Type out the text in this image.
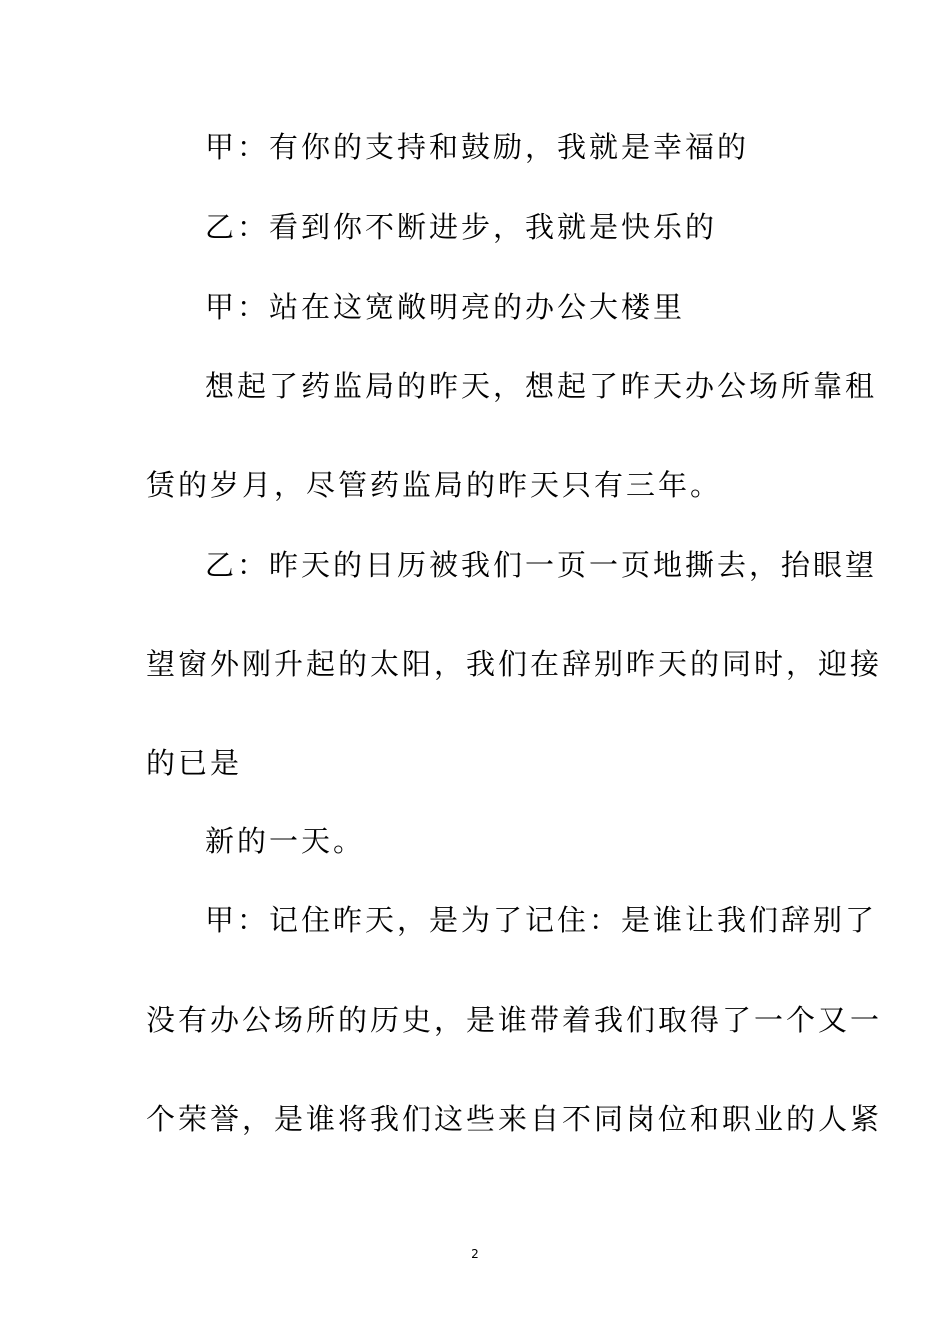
甲：有你的支持和鼓励，我就是幸福的
乙：看到你不断进步，我就是快乐的
甲：站在这宽敞明亮的办公大楼里
想起了药监局的昨天，想起了昨天办公场所靠租
赁的岁月，尽管药监局的昨天只有三年。
乙：昨天的日历被我们一页一页地撕去，抬眼望
望窗外刚升起的太阳，我们在辞别昨天的同时，迎接
的已是
新的一天。
甲：记住昨天，是为了记住：是谁让我们辞别了
没有办公场所的历史，是谁带着我们取得了一个又一
个荣誉，是谁将我们这些来自不同岗位和职业的人紧
2
